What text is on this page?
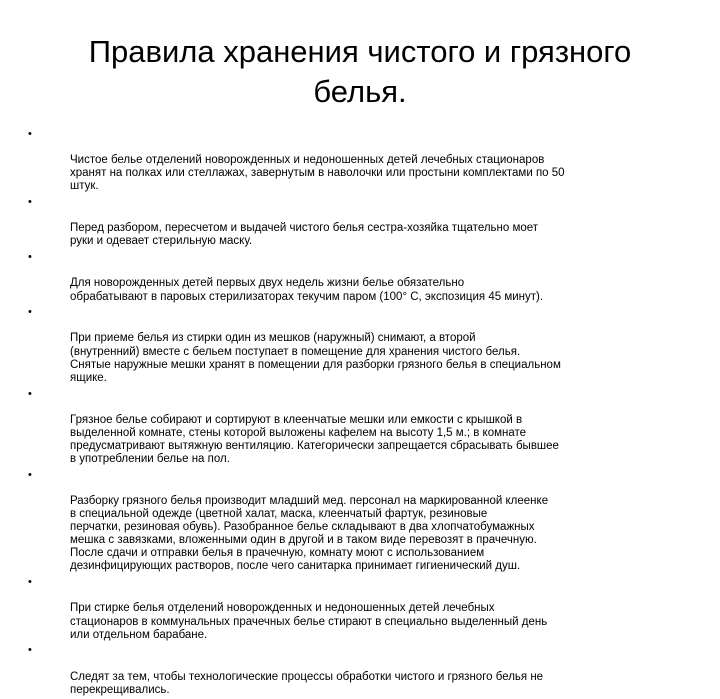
Правила хранения чистого и грязного
белья.

•

Чистое белье отделений новорожденных и недоношенных детей лечебных стационаров
хранят на полках или стеллажах, завернутым в наволочки или простыни комплектами по 50
штук.

•

Перед разбором, пересчетом и выдачей чистого белья сестра-хозяйка тщательно моет
руки и одевает стерильную маску.

•

Для новорожденных детей первых двух недель жизни белье обязательно
обрабатывают в паровых стерилизаторах текучим паром (100° С, экспозиция 45 минут).

•

При приеме белья из стирки один из мешков (наружный) снимают, а второй
(внутренний) вместе с бельем поступает в помещение для хранения чистого белья.
Снятые наружные мешки хранят в помещении для разборки грязного белья в специальном
ящике.

•

Грязное белье собирают и сортируют в клеенчатые мешки или емкости с крышкой в
выделенной комнате, стены которой выложены кафелем на высоту 1,5 м.; в комнате
предусматривают вытяжную вентиляцию. Категорически запрещается сбрасывать бывшее
в употреблении белье на пол.

•

Разборку грязного белья производит младший мед. персонал на маркированной клеенке
в специальной одежде (цветной халат, маска, клеенчатый фартук, резиновые
перчатки, резиновая обувь). Разобранное белье складывают в два хлопчатобумажных
мешка с завязками, вложенными один в другой и в таком виде перевозят в прачечную.
После сдачи и отправки белья в прачечную, комнату моют с использованием
дезинфицирующих растворов, после чего санитарка принимает гигиенический душ.

•

При стирке белья отделений новорожденных и недоношенных детей лечебных
стационаров в коммунальных прачечных белье стирают в специально выделенный день
или отдельном барабане.

•

Следят за тем, чтобы технологические процессы обработки чистого и грязного белья не
перекрещивались.
